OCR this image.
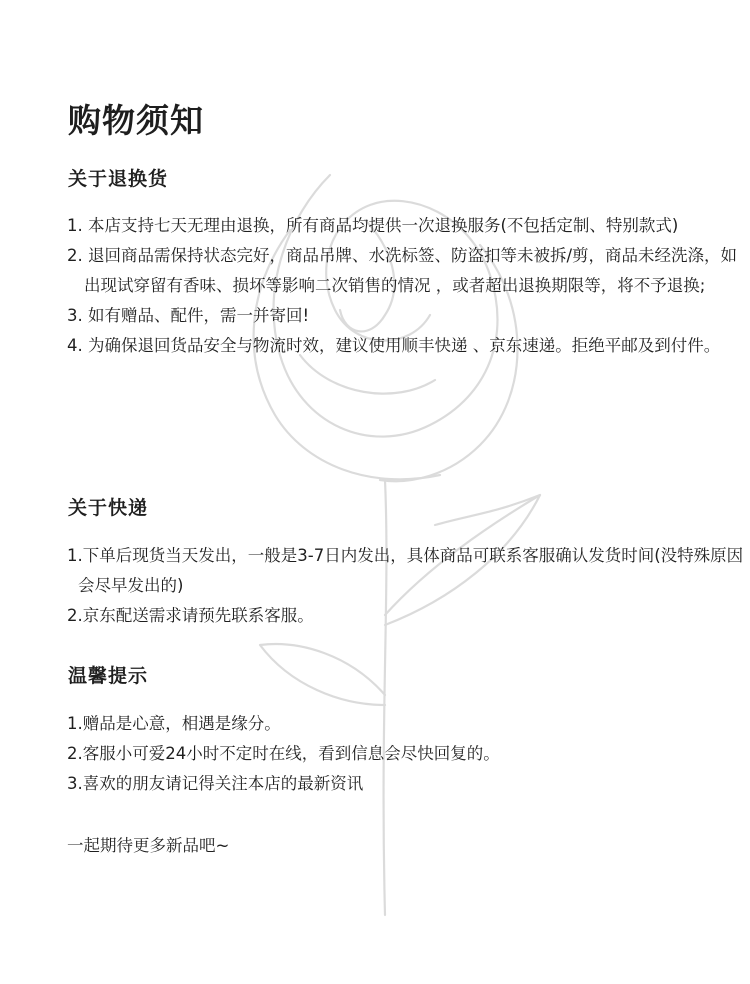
购物须知
关于退换货
1. 本店支持七天无理由退换，所有商品均提供一次退换服务(不包括定制、特别款式)
2. 退回商品需保持状态完好，商品吊牌、水洗标签、防盗扣等未被拆/剪，商品未经洗涤，如出现试穿留有香味、损坏等影响二次销售的情况 ，或者超出退换期限等，将不予退换;
3. 如有赠品、配件，需一并寄回!
4. 为确保退回货品安全与物流时效，建议使用顺丰快递 、京东速递。拒绝平邮及到付件。
关于快递
1.下单后现货当天发出，一般是3-7日内发出，具体商品可联系客服确认发货时间(没特殊原因会尽早发出的)
2.京东配送需求请预先联系客服。
温馨提示
1.赠品是心意，相遇是缘分。
2.客服小可爱24小时不定时在线，看到信息会尽快回复的。
3.喜欢的朋友请记得关注本店的最新资讯

一起期待更多新品吧~
